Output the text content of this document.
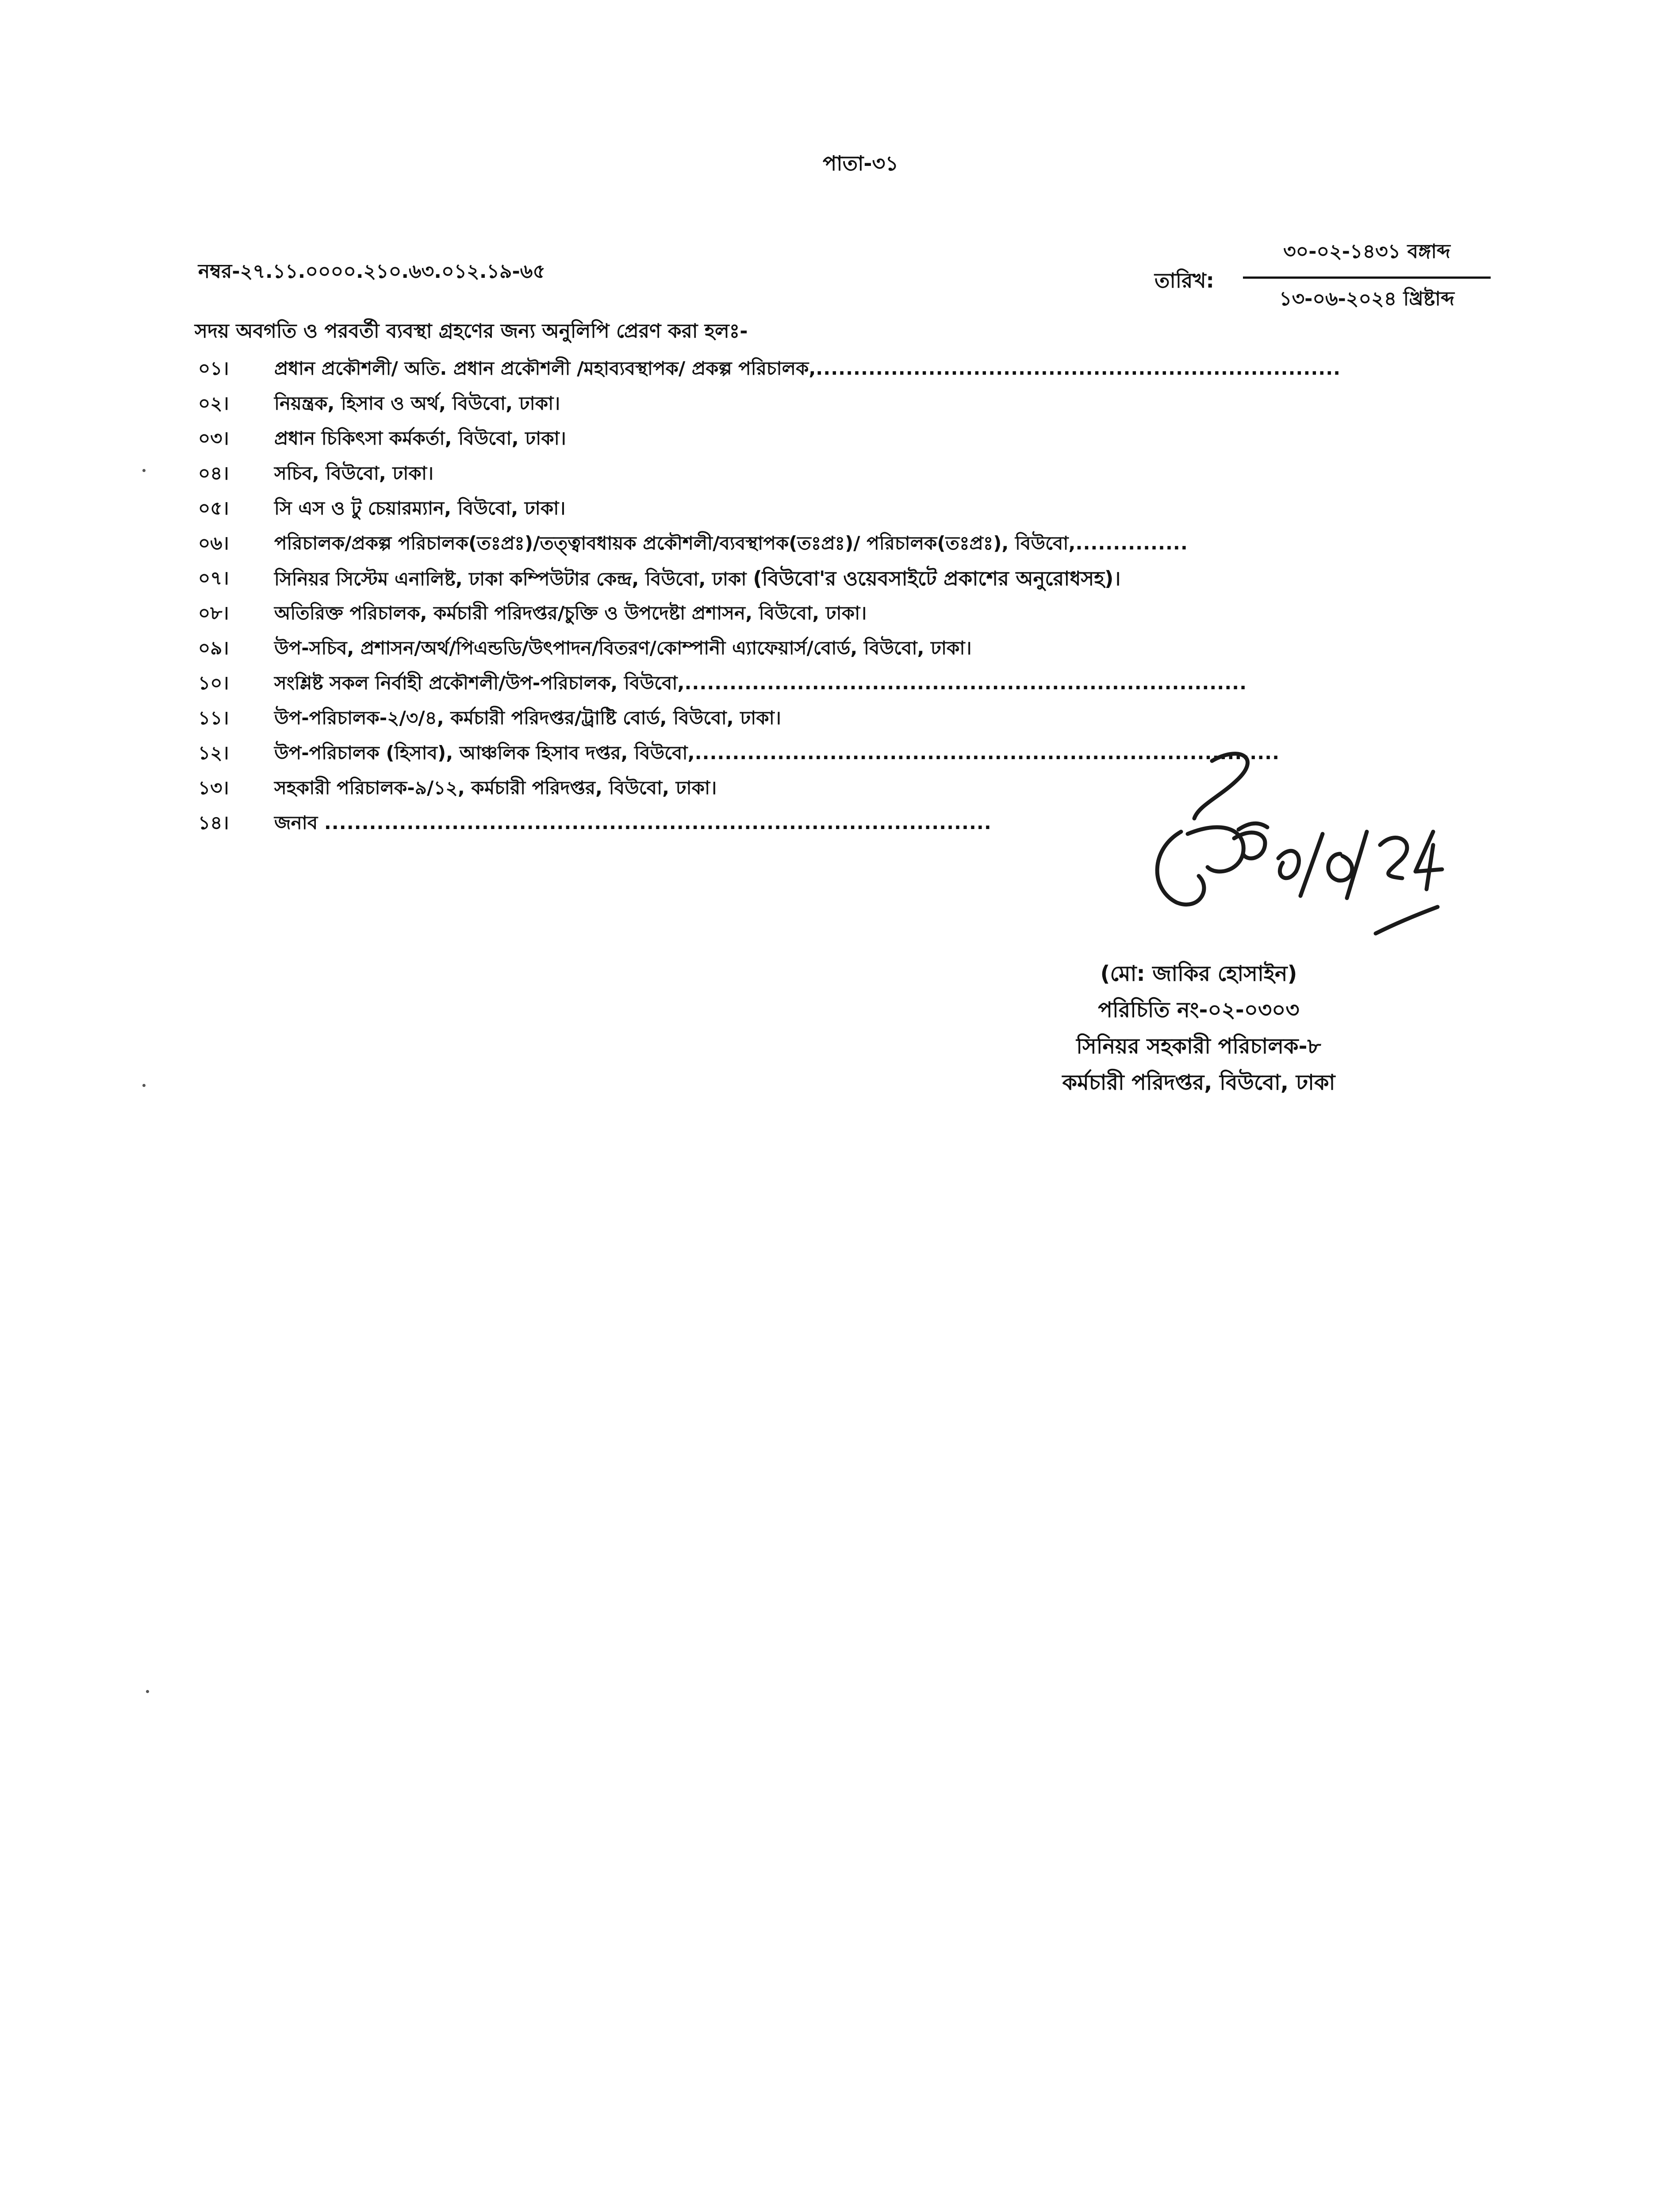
পাতা-৩১
নম্বর-২৭.১১.০০০০.২১০.৬৩.০১২.১৯-৬৫	তারিখ:
৩০-০২-১৪৩১ বঙ্গাব্দ
১৩-০৬-২০২৪ খ্রিষ্টাব্দ
সদয় অবগতি ও পরবর্তী ব্যবস্থা গ্রহণের জন্য অনুলিপি প্রেরণ করা হলঃ-
০১।	প্রধান প্রকৌশলী/ অতি. প্রধান প্রকৌশলী /মহাব্যবস্থাপক/ প্রকল্প পরিচালক,......................................................................
০২।	নিয়ন্ত্রক, হিসাব ও অর্থ, বিউবো, ঢাকা।
০৩।	প্রধান চিকিৎসা কর্মকর্তা, বিউবো, ঢাকা।
০৪।	সচিব, বিউবো, ঢাকা।
০৫।	সি এস ও টু চেয়ারম্যান, বিউবো, ঢাকা।
০৬।	পরিচালক/প্রকল্প পরিচালক(তঃপ্রঃ)/তত্ত্বাবধায়ক প্রকৌশলী/ব্যবস্থাপক(তঃপ্রঃ)/ পরিচালক(তঃপ্রঃ), বিউবো,...............
০৭।	সিনিয়র সিস্টেম এনালিষ্ট, ঢাকা কম্পিউটার কেন্দ্র, বিউবো, ঢাকা (বিউবো'র ওয়েবসাইটে প্রকাশের অনুরোধসহ)।
০৮।	অতিরিক্ত পরিচালক, কর্মচারী পরিদপ্তর/চুক্তি ও উপদেষ্টা প্রশাসন, বিউবো, ঢাকা।
০৯।	উপ-সচিব, প্রশাসন/অর্থ/পিএন্ডডি/উৎপাদন/বিতরণ/কোম্পানী এ্যাফেয়ার্স/বোর্ড, বিউবো, ঢাকা।
১০।	সংশ্লিষ্ট সকল নির্বাহী প্রকৌশলী/উপ-পরিচালক, বিউবো,...........................................................................
১১।	উপ-পরিচালক-২/৩/৪, কর্মচারী পরিদপ্তর/ট্রাষ্টি বোর্ড, বিউবো, ঢাকা।
১২।	উপ-পরিচালক (হিসাব), আঞ্চলিক হিসাব দপ্তর, বিউবো,..............................................................................
১৩।	সহকারী পরিচালক-৯/১২, কর্মচারী পরিদপ্তর, বিউবো, ঢাকা।
১৪।	জনাব .........................................................................................
(মো: জাকির হোসাইন)
পরিচিতি নং-০২-০৩০৩
সিনিয়র সহকারী পরিচালক-৮
কর্মচারী পরিদপ্তর, বিউবো, ঢাকা
